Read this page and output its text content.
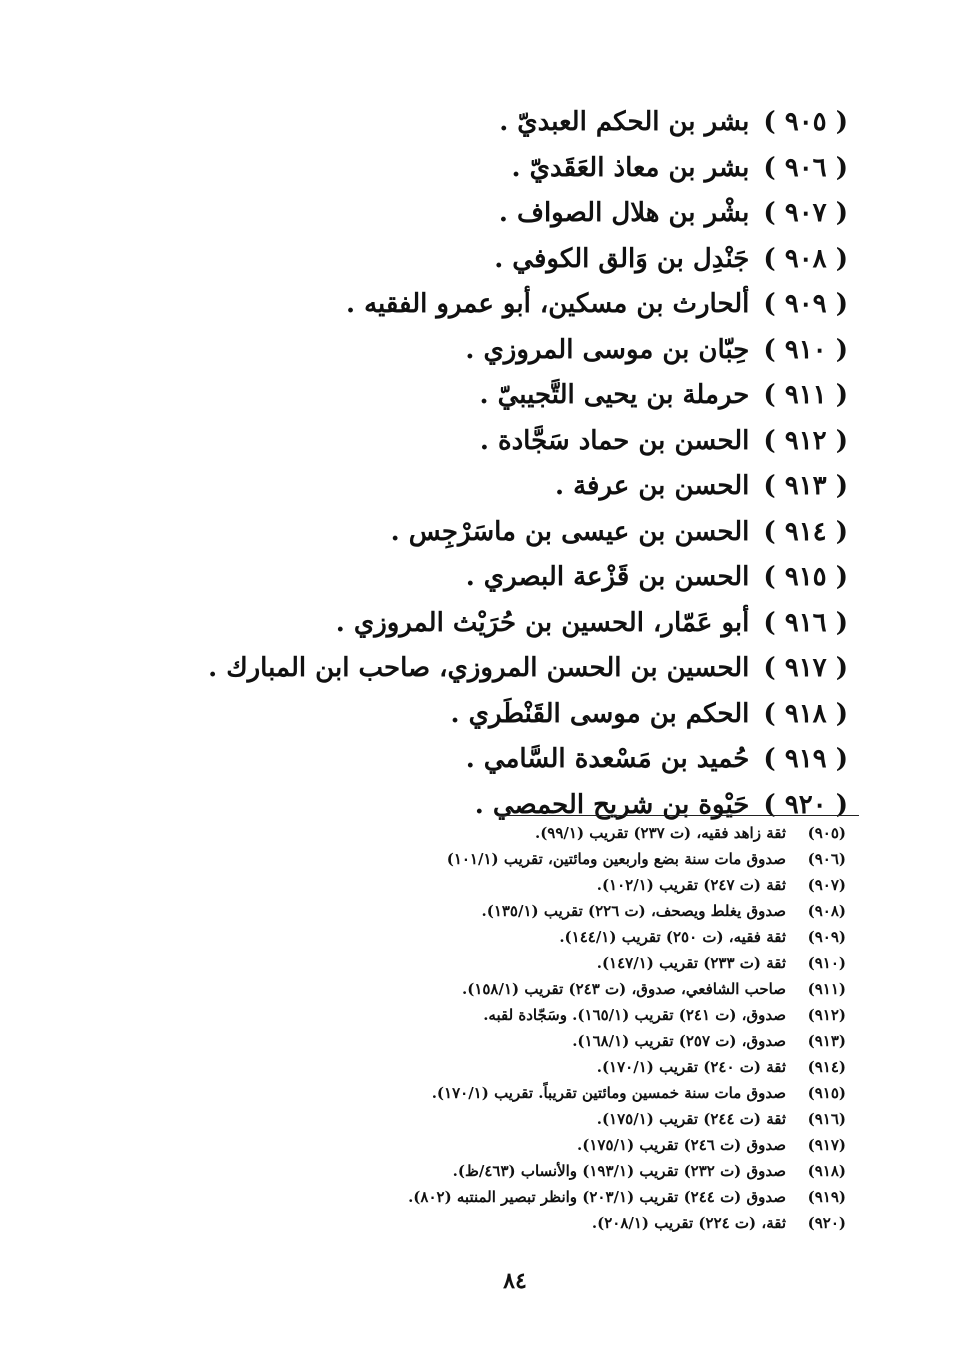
( ٩٠٥ )بشر بن الحكم العبديّ .
( ٩٠٦ )بشر بن معاذ العَقَديّ .
( ٩٠٧ )بشْر بن هلال الصواف .
( ٩٠٨ )جَنْدِل بن وَالق الكوفي .
( ٩٠٩ )ألحارث بن مسكين، أبو عمرو الفقيه .
( ٩١٠ )حِبّان بن موسى المروزي .
( ٩١١ )حرملة بن يحيى التَّجيبيّ .
( ٩١٢ )الحسن بن حماد سَجَّادة .
( ٩١٣ )الحسن بن عرفة .
( ٩١٤ )الحسن بن عيسى بن ماسَرْجِس .
( ٩١٥ )الحسن بن قَزْعة البصري .
( ٩١٦ )أبو عَمّار، الحسين بن حُرَيْث المروزي .
( ٩١٧ )الحسين بن الحسن المروزي، صاحب ابن المبارك .
( ٩١٨ )الحكم بن موسى القَنْطَري .
( ٩١٩ )حُميد بن مَسْعدة السَّامي .
( ٩٢٠ )حَيْوة بن شريح الحمصي .
(٩٠٥)
ثقة زاهد فقيه، (ت ٢٣٧) تقريب (٩٩/١).
(٩٠٦)
صدوق مات سنة بضع واربعين ومائتين، تقريب (١٠١/١)
(٩٠٧)
ثقة (ت ٢٤٧) تقريب (١٠٢/١).
(٩٠٨)
صدوق يغلط ويصحف، (ت ٢٢٦) تقريب (١٣٥/١).
(٩٠٩)
ثقة فقيه، (ت ٢٥٠) تقريب (١٤٤/١).
(٩١٠)
ثقة (ت ٢٣٣) تقريب (١٤٧/١).
(٩١١)
صاحب الشافعي، صدوق، (ت ٢٤٣) تقريب (١٥٨/١).
(٩١٢)
صدوق، (ت ٢٤١) تقريب (١٦٥/١). وسَجّادة لقبه.
(٩١٣)
صدوق، (ت ٢٥٧) تقريب (١٦٨/١).
(٩١٤)
ثقة (ت ٢٤٠) تقريب (١٧٠/١).
(٩١٥)
صدوق مات سنة خمسين ومائتين تقريباً. تقريب (١٧٠/١).
(٩١٦)
ثقة (ت ٢٤٤) تقريب (١٧٥/١).
(٩١٧)
صدوق (ت ٢٤٦) تقريب (١٧٥/١).
(٩١٨)
صدوق (ت ٢٣٢) تقريب (١٩٣/١) والأنساب (٤٦٣/ظ).
(٩١٩)
صدوق (ت ٢٤٤) تقريب (٢٠٣/١) وانظر تبصير المنتبه (٨٠٢).
(٩٢٠)
ثقة، (ت ٢٢٤) تقريب (٢٠٨/١).
٨٤
